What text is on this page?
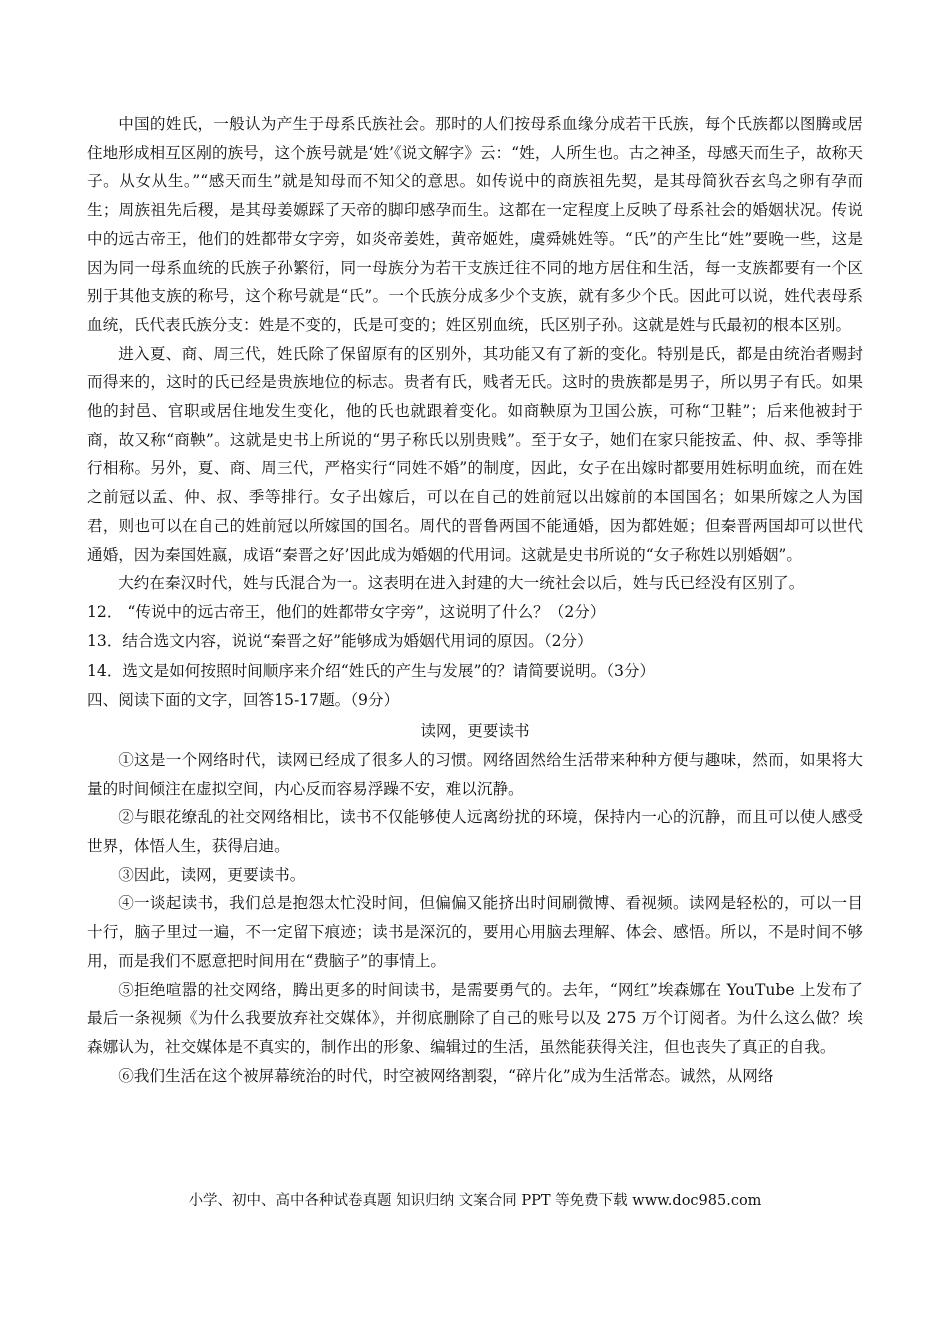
中国的姓氏，一般认为产生于母系氏族社会。那时的人们按母系血缘分成若干氏族，每个氏族都以图腾或居住地形成相互区剐的族号，这个族号就是‘姓’《说文解字》云：“姓，人所生也。古之神圣，母感天而生子，故称天子。从女从生。”“感天而生”就是知母而不知父的意思。如传说中的商族祖先契，是其母简狄吞玄鸟之卵有孕而生；周族祖先后稷，是其母姜嫄踩了天帝的脚印感孕而生。这都在一定程度上反映了母系社会的婚姻状况。传说中的远古帝王，他们的姓都带女字旁，如炎帝姜姓，黄帝姬姓，虞舜姚姓等。“氏”的产生比“姓”要晚一些，这是因为同一母系血统的氏族子孙繁衍，同一母族分为若干支族迁往不同的地方居住和生活，每一支族都要有一个区别于其他支族的称号，这个称号就是“氏”。一个氏族分成多少个支族，就有多少个氏。因此可以说，姓代表母系血统，氏代表氏族分支：姓是不变的，氏是可变的；姓区别血统，氏区别子孙。这就是姓与氏最初的根本区别。

进入夏、商、周三代，姓氏除了保留原有的区别外，其功能又有了新的变化。特别是氏，都是由统治者赐封而得来的，这时的氏已经是贵族地位的标志。贵者有氏，贱者无氏。这时的贵族都是男子，所以男子有氏。如果他的封邑、官职或居住地发生变化，他的氏也就跟着变化。如商鞅原为卫国公族，可称“卫鞋”；后来他被封于商，故又称“商鞅”。这就是史书上所说的“男子称氏以别贵贱”。至于女子，她们在家只能按孟、仲、叔、季等排行相称。另外，夏、商、周三代，严格实行“同姓不婚”的制度，因此，女子在出嫁时都要用姓标明血统，而在姓之前冠以孟、仲、叔、季等排行。女子出嫁后，可以在自己的姓前冠以出嫁前的本国国名；如果所嫁之人为国君，则也可以在自己的姓前冠以所嫁国的国名。周代的晋鲁两国不能通婚，因为都姓姬；但秦晋两国却可以世代通婚，因为秦国姓嬴，成语“秦晋之好’因此成为婚姻的代用词。这就是史书所说的“女子称姓以别婚姻”。

大约在秦汉时代，姓与氏混合为一。这表明在进入封建的大一统社会以后，姓与氏已经没有区别了。

12． “传说中的远古帝王，他们的姓都带女字旁”，这说明了什么？（2分）

13．结合选文内容，说说“秦晋之好”能够成为婚姻代用词的原因。（2分）

14．选文是如何按照时间顺序来介绍“姓氏的产生与发展”的？请简要说明。（3分）

四、阅读下面的文字，回答15-17题。（9分）

读网，更要读书

①这是一个网络时代，读网已经成了很多人的习惯。网络固然给生活带来种种方便与趣味，然而，如果将大量的时间倾注在虚拟空间，内心反而容易浮躁不安，难以沉静。

②与眼花缭乱的社交网络相比，读书不仅能够使人远离纷扰的环境，保持内一心的沉静，而且可以使人感受世界，体悟人生，获得启迪。

③因此，读网，更要读书。

④一谈起读书，我们总是抱怨太忙没时间，但偏偏又能挤出时间刷微博、看视频。读网是轻松的，可以一目十行，脑子里过一遍，不一定留下痕迹；读书是深沉的，要用心用脑去理解、体会、感悟。所以，不是时间不够用，而是我们不愿意把时间用在“费脑子”的事情上。

⑤拒绝喧嚣的社交网络，腾出更多的时间读书，是需要勇气的。去年，“网红”埃森娜在 YouTube 上发布了最后一条视频《为什么我要放弃社交媒体》，并彻底删除了自己的账号以及 275 万个订阅者。为什么这么做？埃森娜认为，社交媒体是不真实的，制作出的形象、编辑过的生活，虽然能获得关注，但也丧失了真正的自我。

⑥我们生活在这个被屏幕统治的时代，时空被网络割裂，“碎片化”成为生活常态。诚然，从网络

小学、初中、高中各种试卷真题 知识归纳 文案合同 PPT 等免费下载 www.doc985.com
